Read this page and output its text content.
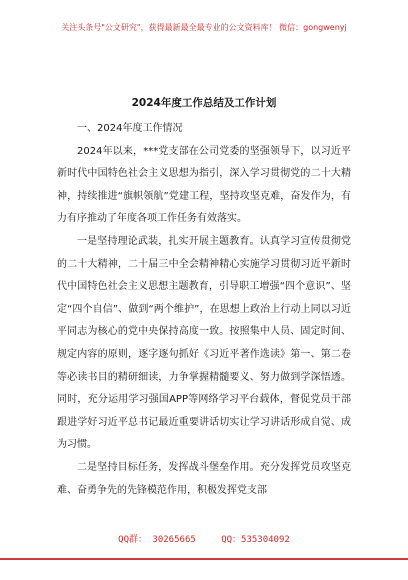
关注头条号"公文研究"，获得最新最全最专业的公文资料库！ 微信：gongwenyj
2024年度工作总结及工作计划

一、2024年度工作情况

2024年以来，***党支部在公司党委的坚强领导下，以习近平新时代中国特色社会主义思想为指引，深入学习贯彻党的二十大精神，持续推进“旗帜领航”党建工程，坚持攻坚克难，奋发作为，有力有序推动了年度各项工作任务有效落实。

一是坚持理论武装，扎实开展主题教育。认真学习宣传贯彻党的二十大精神，二十届三中全会精神精心实施学习贯彻习近平新时代中国特色社会主义思想主题教育，引导职工增强“四个意识”、坚定“四个自信”、做到“两个维护”，在思想上政治上行动上同以习近平同志为核心的党中央保持高度一致。按照集中人员、固定时间、规定内容的原则，逐字逐句抓好《习近平著作选读》第一、第二卷等必读书目的精研细读，力争掌握精髓要义、努力做到学深悟透。同时，充分运用学习强国APP等网络学习平台载体，督促党员干部跟进学好习近平总书记最近重要讲话切实让学习讲话形成自觉、成为习惯。

二是坚持目标任务，发挥战斗堡垒作用。充分发挥党员攻坚克难、奋勇争先的先锋模范作用，积极发挥党支部

QQ群： 30265665	QQ：535304092
